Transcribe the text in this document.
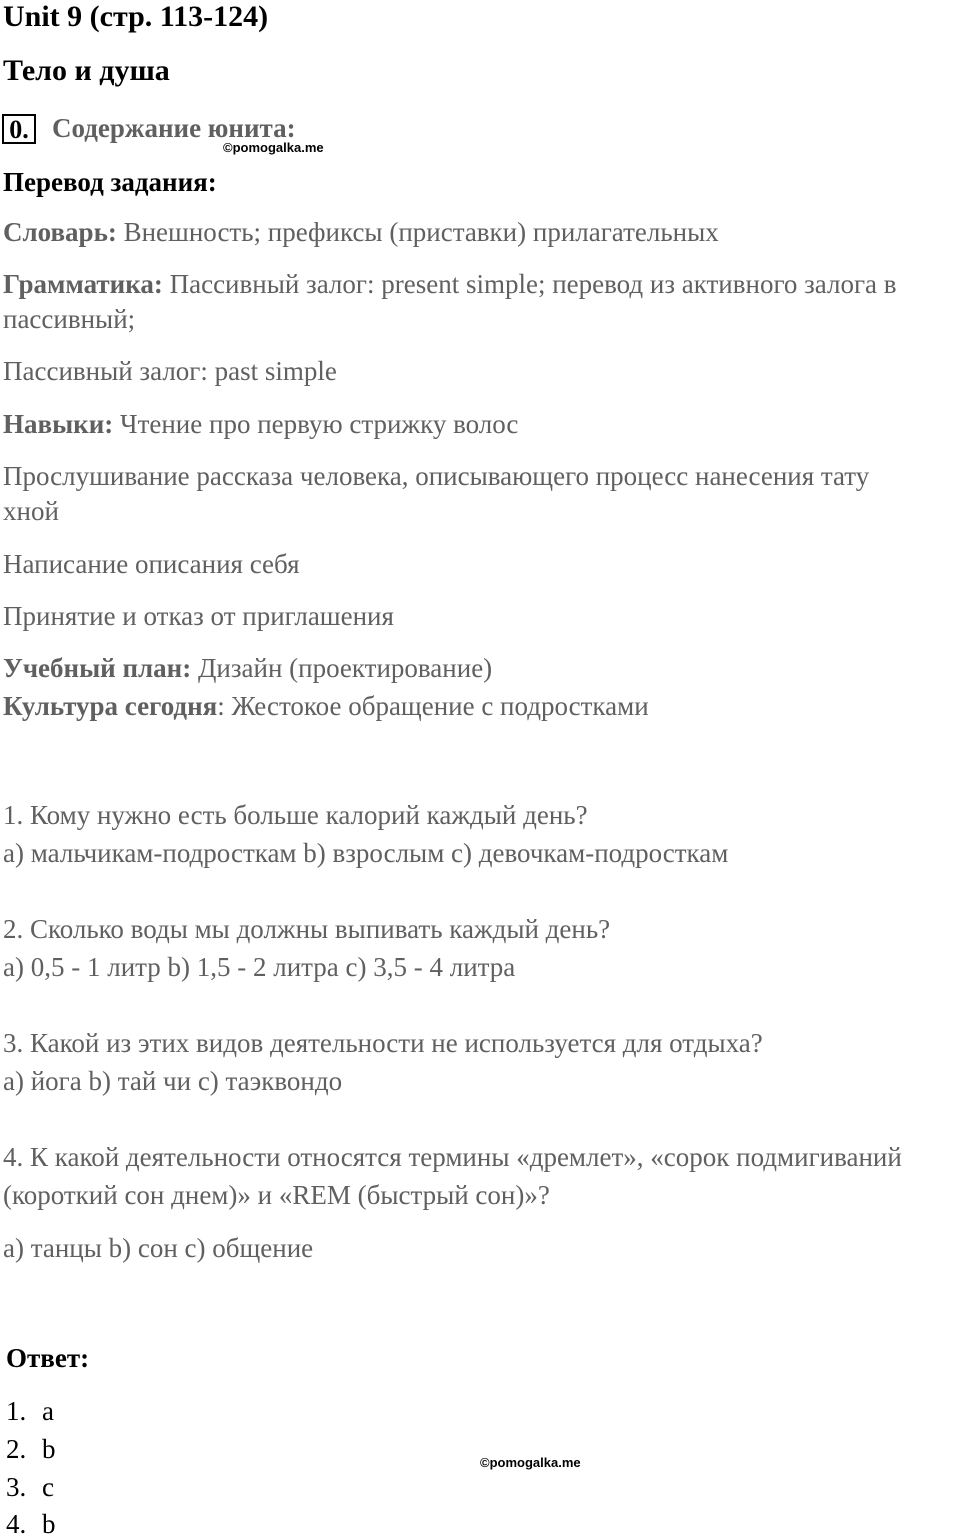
Unit 9 (стр. 113-124)
Тело и душа
0. Содержание юнита:
©pomogalka.me
Перевод задания:
Словарь: Внешность; префиксы (приставки) прилагательных
Грамматика: Пассивный залог: present simple; перевод из активного залога в
пассивный;
Пассивный залог: past simple
Навыки: Чтение про первую стрижку волос
Прослушивание рассказа человека, описывающего процесс нанесения тату
хной
Написание описания себя
Принятие и отказ от приглашения
Учебный план: Дизайн (проектирование)
Культура сегодня: Жестокое обращение с подростками
1. Кому нужно есть больше калорий каждый день?
a) мальчикам-подросткам b) взрослым c) девочкам-подросткам
2. Сколько воды мы должны выпивать каждый день?
a) 0,5 - 1 литр b) 1,5 - 2 литра c) 3,5 - 4 литра
3. Какой из этих видов деятельности не используется для отдыха?
a) йога b) тай чи c) таэквондо
4. К какой деятельности относятся термины «дремлет», «сорок подмигиваний
(короткий сон днем)» и «REM (быстрый сон)»?
a) танцы b) сон c) общение
Ответ:
1. a
2. b
3. c
4. b
©pomogalka.me
